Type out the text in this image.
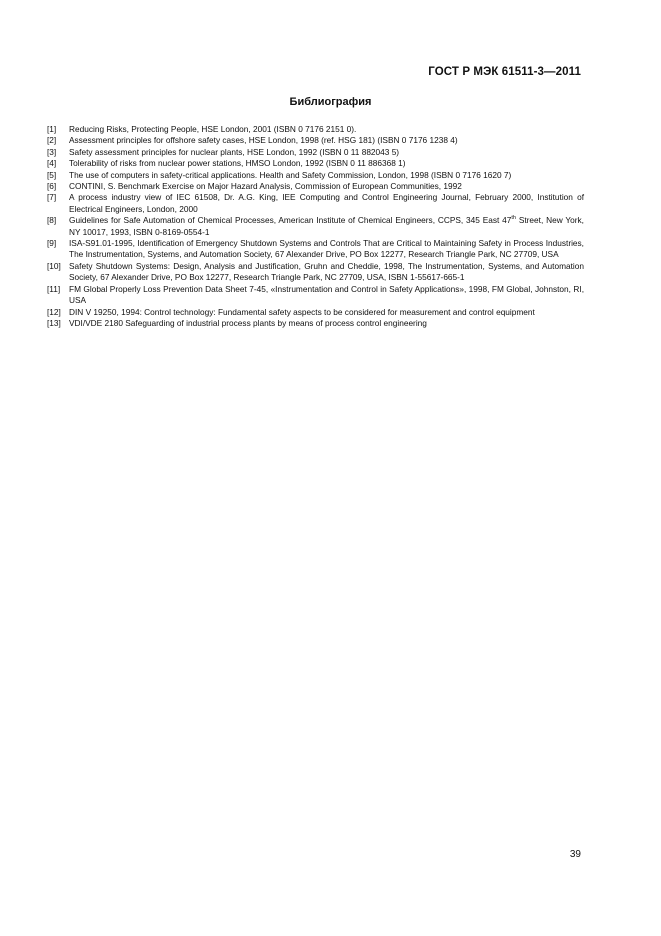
ГОСТ Р МЭК 61511-3—2011
Библиография
[1]	Reducing Risks, Protecting People, HSE London, 2001 (ISBN 0 7176 2151 0).
[2]	Assessment principles for offshore safety cases, HSE London, 1998 (ref. HSG 181) (ISBN 0 7176 1238 4)
[3]	Safety assessment principles for nuclear plants, HSE London, 1992 (ISBN 0 11 882043 5)
[4]	Tolerability of risks from nuclear power stations, HMSO London, 1992 (ISBN 0 11 886368 1)
[5]	The use of computers in safety-critical applications. Health and Safety Commission, London, 1998 (ISBN 0 7176 1620 7)
[6]	CONTINI, S. Benchmark Exercise on Major Hazard Analysis, Commission of European Communities, 1992
[7]	A process industry view of IEC 61508, Dr. A.G. King, IEE Computing and Control Engineering Journal, February 2000, Institution of Electrical Engineers, London, 2000
[8]	Guidelines for Safe Automation of Chemical Processes, American Institute of Chemical Engineers, CCPS, 345 East 47th Street, New York, NY 10017, 1993, ISBN 0-8169-0554-1
[9]	ISA-S91.01-1995, Identification of Emergency Shutdown Systems and Controls That are Critical to Maintaining Safety in Process Industries, The Instrumentation, Systems, and Automation Society, 67 Alexander Drive, PO Box 12277, Research Triangle Park, NC 27709, USA
[10] Safety Shutdown Systems: Design, Analysis and Justification, Gruhn and Cheddie, 1998, The Instrumentation, Systems, and Automation Society, 67 Alexander Drive, PO Box 12277, Research Triangle Park, NC 27709, USA, ISBN 1-55617-665-1
[11]	FM Global Properly Loss Prevention Data Sheet 7-45, «Instrumentation and Control in Safety Applications», 1998, FM Global, Johnston, RI, USA
[12] DIN V 19250, 1994: Control technology: Fundamental safety aspects to be considered for measurement and control equipment
[13] VDI/VDE 2180 Safeguarding of industrial process plants by means of process control engineering
39
